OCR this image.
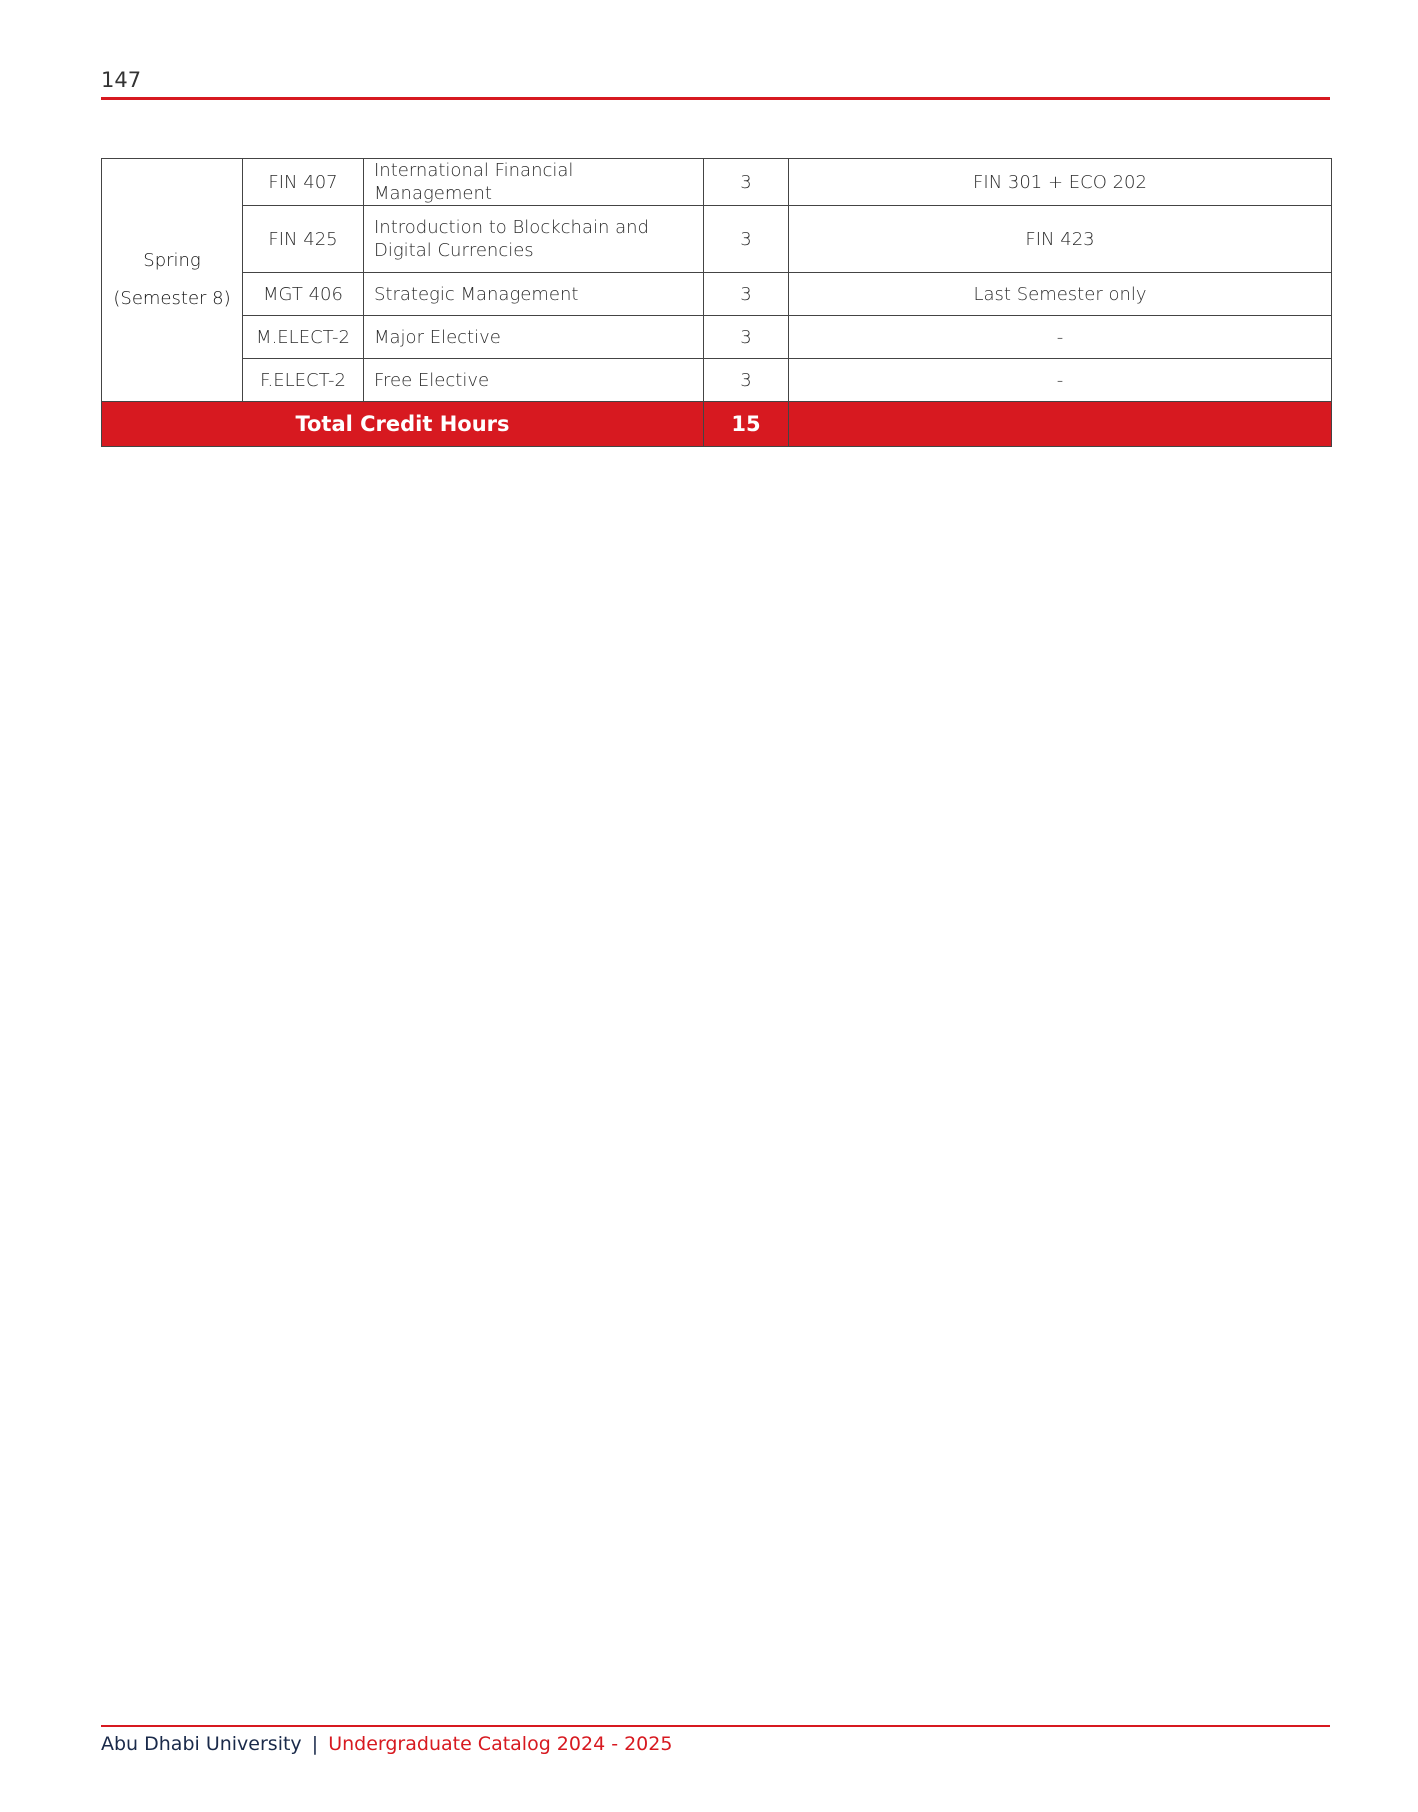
147
Spring
(Semester 8)	FIN 407	International Financial Management	3	FIN 301 + ECO 202
	FIN 425	Introduction to Blockchain and Digital Currencies	3	FIN 423
	MGT 406	Strategic Management	3	Last Semester only
	M.ELECT-2	Major Elective	3	-
	F.ELECT-2	Free Elective	3	-
Total Credit Hours			15	
Abu Dhabi University | Undergraduate Catalog 2024 - 2025
